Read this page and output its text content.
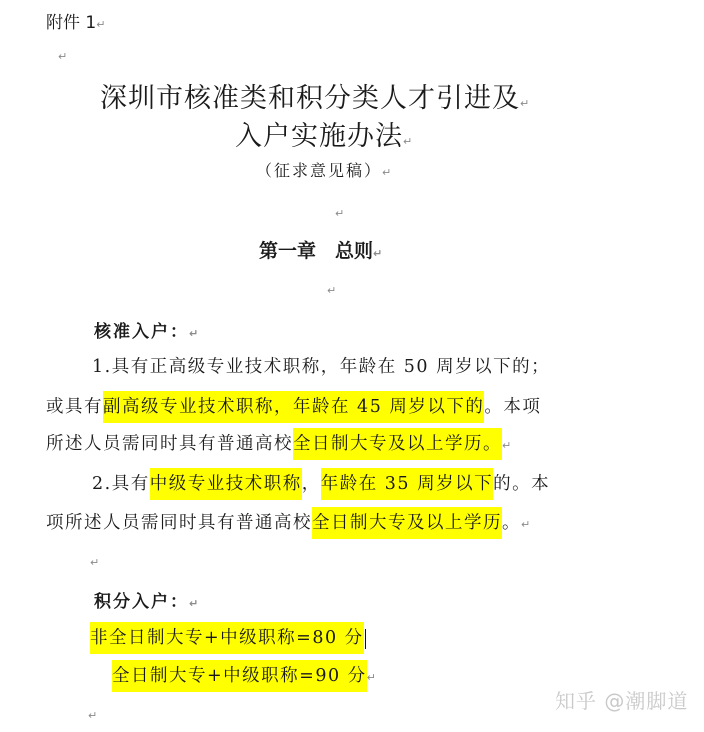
附件 1↵
↵
深圳市核准类和积分类人才引进及↵
入户实施办法↵
（征求意见稿）↵
↵
第一章　总则↵
↵
核准入户：↵
1.具有正高级专业技术职称，年龄在 50 周岁以下的；
或具有副高级专业技术职称，年龄在 45 周岁以下的。本项
所述人员需同时具有普通高校全日制大专及以上学历。↵
2.具有中级专业技术职称，年龄在 35 周岁以下的。本
项所述人员需同时具有普通高校全日制大专及以上学历。↵
↵
积分入户：↵
非全日制大专+中级职称=80 分
全日制大专+中级职称=90 分↵
↵
知乎 @潮脚道
